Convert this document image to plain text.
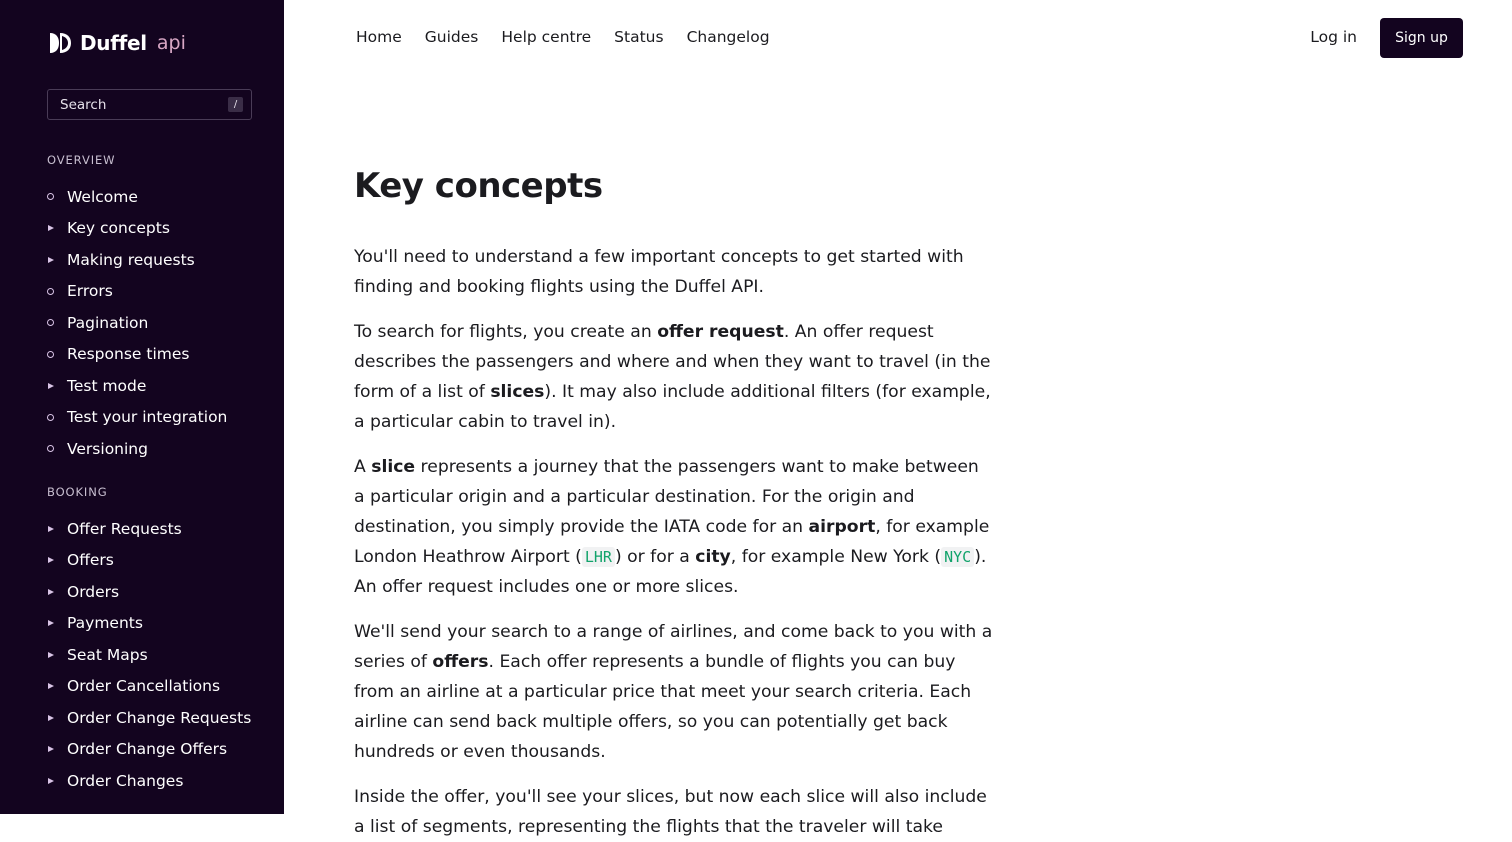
Duffel api
Search	/
OVERVIEW
Welcome
Key concepts
Making requests
Errors
Pagination
Response times
Test mode
Test your integration
Versioning
BOOKING
Offer Requests
Offers
Orders
Payments
Seat Maps
Order Cancellations
Order Change Requests
Order Change Offers
Order Changes
Home Guides Help centre Status Changelog	Log in	Sign up
Key concepts

You'll need to understand a few important concepts to get started with finding and booking flights using the Duffel API.

To search for flights, you create an offer request. An offer request describes the passengers and where and when they want to travel (in the form of a list of slices). It may also include additional filters (for example, a particular cabin to travel in).

A slice represents a journey that the passengers want to make between a particular origin and a particular destination. For the origin and destination, you simply provide the IATA code for an airport, for example London Heathrow Airport ( LHR ) or for a city, for example New York ( NYC ). An offer request includes one or more slices.

We'll send your search to a range of airlines, and come back to you with a series of offers. Each offer represents a bundle of flights you can buy from an airline at a particular price that meet your search criteria. Each airline can send back multiple offers, so you can potentially get back hundreds or even thousands.

Inside the offer, you'll see your slices, but now each slice will also include a list of segments, representing the flights that the traveler will take
